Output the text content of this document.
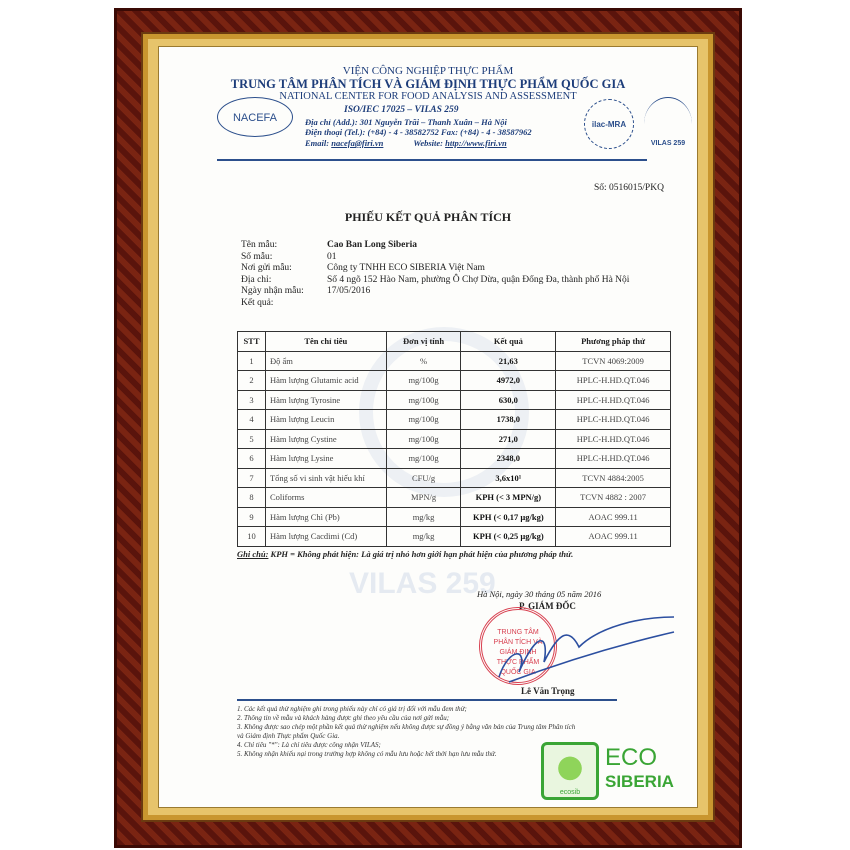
VILAS 259
NACEFA
VIỆN CÔNG NGHIỆP THỰC PHẨM
TRUNG TÂM PHÂN TÍCH VÀ GIÁM ĐỊNH THỰC PHẨM QUỐC GIA
NATIONAL CENTER FOR FOOD ANALYSIS AND ASSESSMENT
ISO/IEC 17025 – VILAS 259
Địa chỉ (Add.): 301 Nguyễn Trãi – Thanh Xuân – Hà Nội
Điện thoại (Tel.): (+84) - 4 - 38582752 Fax: (+84) - 4 - 38587962
Email: nacefa@firi.vn	Website: http://www.firi.vn
ilac-MRA
VILAS 259
Số: 0516015/PKQ
PHIẾU KẾT QUẢ PHÂN TÍCH
Tên mẫu:	Cao Ban Long Siberia
Số mẫu:	01
Nơi gửi mẫu:	Công ty TNHH ECO SIBERIA Việt Nam
Địa chỉ:	Số 4 ngõ 152 Hào Nam, phường Ô Chợ Dừa, quận Đống Đa, thành phố Hà Nội
Ngày nhận mẫu: 17/05/2016
Kết quả:
STT	Tên chỉ tiêu	Đơn vị tính	Kết quả	Phương pháp thử
1	Độ ẩm	%	21,63	TCVN 4069:2009
2	Hàm lượng Glutamic acid	mg/100g	4972,0	HPLC-H.HD.QT.046
3	Hàm lượng Tyrosine	mg/100g	630,0	HPLC-H.HD.QT.046
4	Hàm lượng Leucin	mg/100g	1738,0	HPLC-H.HD.QT.046
5	Hàm lượng Cystine	mg/100g	271,0	HPLC-H.HD.QT.046
6	Hàm lượng Lysine	mg/100g	2348,0	HPLC-H.HD.QT.046
7	Tổng số vi sinh vật hiếu khí	CFU/g	3,6x10¹	TCVN 4884:2005
8	Coliforms	MPN/g	KPH (< 3 MPN/g)	TCVN 4882 : 2007
9	Hàm lượng Chì (Pb)	mg/kg	KPH (< 0,17 µg/kg)	AOAC 999.11
10	Hàm lượng Cacdimi (Cd)	mg/kg	KPH (< 0,25 µg/kg)	AOAC 999.11
Ghi chú: KPH = Không phát hiện: Là giá trị nhỏ hơn giới hạn phát hiện của phương pháp thử.
Hà Nội, ngày 30 tháng 05 năm 2016
P. GIÁM ĐỐC
TRUNG TÂM PHÂN TÍCH VÀ GIÁM ĐỊNH THỰC PHẨM QUỐC GIA
Lê Văn Trọng
1. Các kết quả thử nghiệm ghi trong phiếu này chỉ có giá trị đối với mẫu đem thử;
2. Thông tin về mẫu và khách hàng được ghi theo yêu cầu của nơi gửi mẫu;
3. Không được sao chép một phần kết quả thử nghiệm nếu không được sự đồng ý bằng văn bản của Trung tâm Phân tích
và Giám định Thực phẩm Quốc Gia.
4. Chỉ tiêu "*": Là chỉ tiêu được công nhận VILAS;
5. Không nhận khiếu nại trong trường hợp không có mẫu lưu hoặc hết thời hạn lưu mẫu thử.
ecosib
ECO
SIBERIA
